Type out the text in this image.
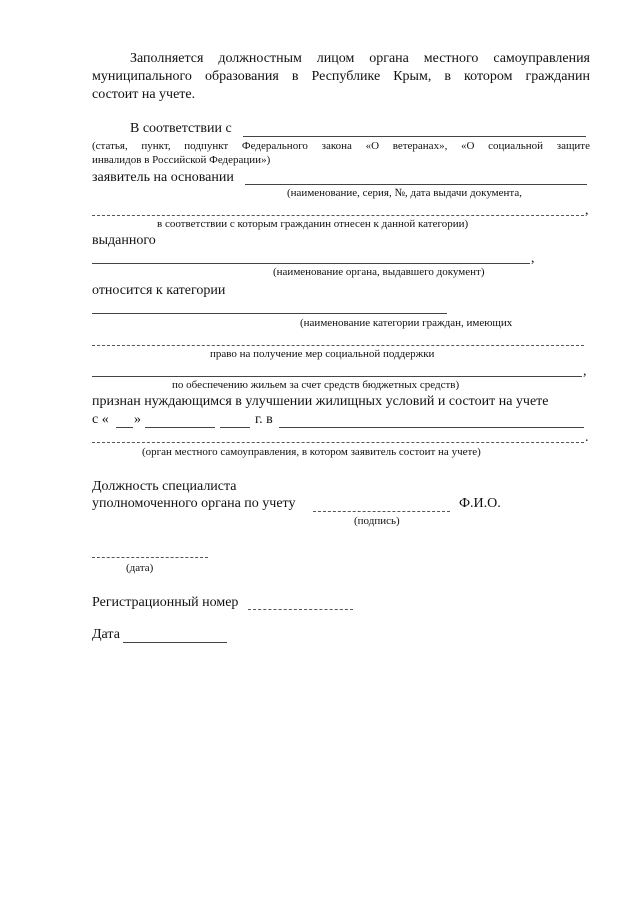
Заполняется должностным лицом органа местного самоуправления
муниципального образования в Республике Крым, в котором гражданин
состоит на учете.
В соответствии с
(статья, пункт, подпункт Федерального закона «О ветеранах», «О социальной защите
инвалидов в Российской Федерации»)
заявитель на основании
(наименование, серия, №, дата выдачи документа,
,
в соответствии с которым гражданин отнесен к данной категории)
выданного
,
(наименование органа, выдавшего документ)
относится к категории
(наименование категории граждан, имеющих
право на получение мер социальной поддержки
,
по обеспечению жильем за счет средств бюджетных средств)
признан нуждающимся в улучшении жилищных условий и состоит на учете
с « »	г. в
.
(орган местного самоуправления, в котором заявитель состоит на учете)
Должность специалиста
уполномоченного органа по учету	Ф.И.О.
(подпись)
(дата)
Регистрационный номер
Дата
